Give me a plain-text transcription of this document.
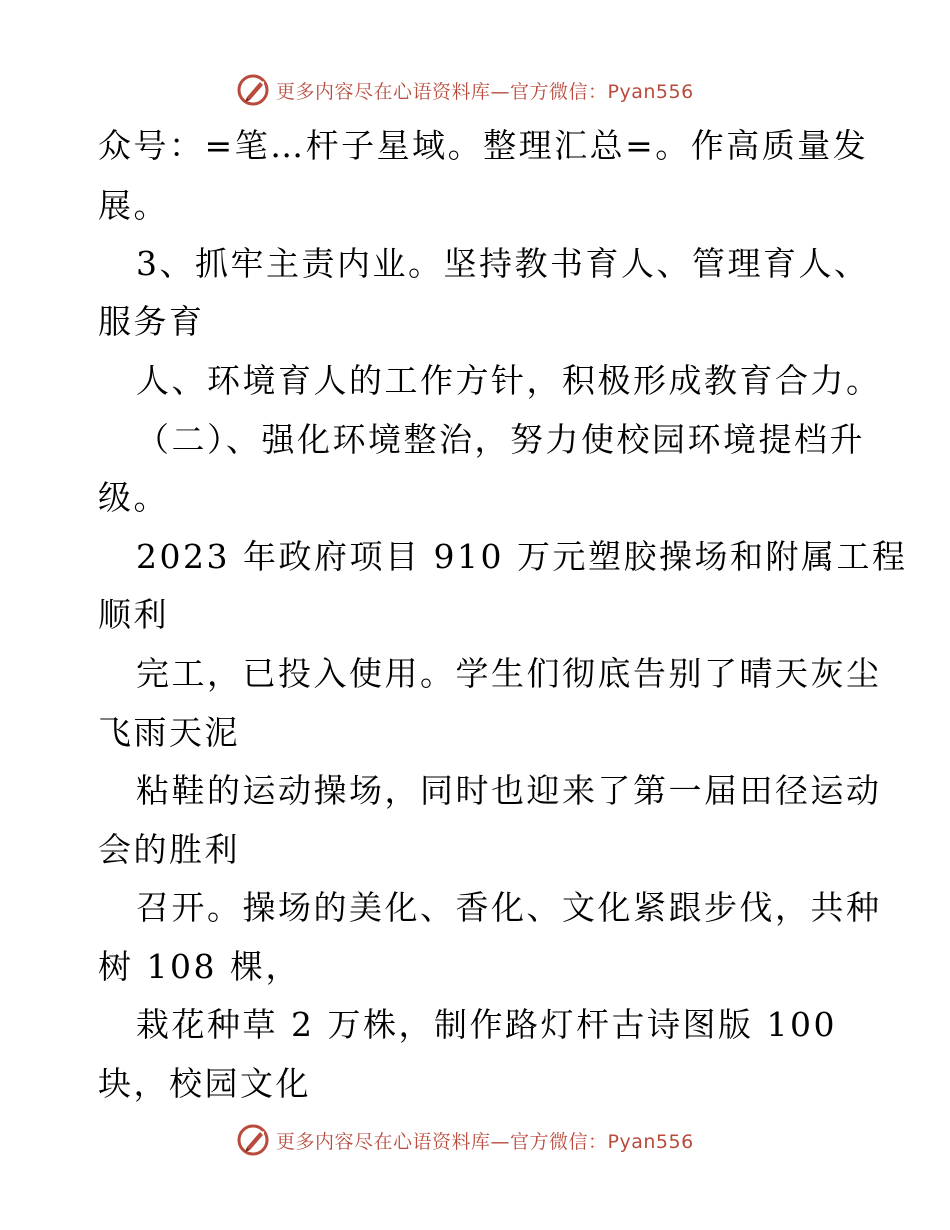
更多内容尽在心语资料库—官方微信：Pyan556
众号：=笔…杆子星域。整理汇总=。作高质量发
展。
3、抓牢主责内业。坚持教书育人、管理育人、
服务育
人、环境育人的工作方针，积极形成教育合力。
（二）、强化环境整治，努力使校园环境提档升
级。
2023 年政府项目 910 万元塑胶操场和附属工程
顺利
完工，已投入使用。学生们彻底告别了晴天灰尘
飞雨天泥
粘鞋的运动操场，同时也迎来了第一届田径运动
会的胜利
召开。操场的美化、香化、文化紧跟步伐，共种
树 108 棵，
栽花种草 2 万株，制作路灯杆古诗图版 100
块，校园文化
更多内容尽在心语资料库—官方微信：Pyan556
